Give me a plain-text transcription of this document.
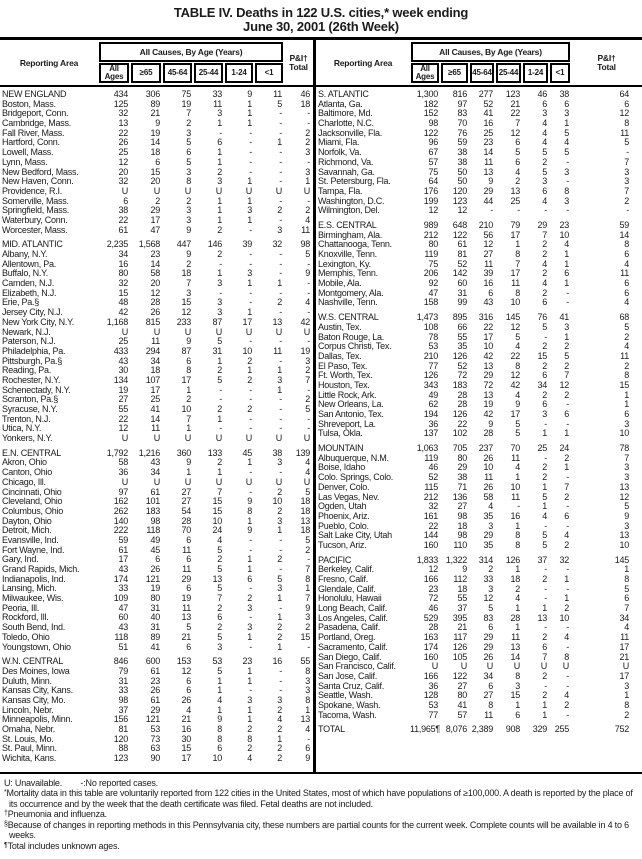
TABLE IV. Deaths in 122 U.S. cities,* week ending
June 30, 2001 (26th Week)
Reporting Area
All Causes, By Age (Years)
All Ages	≥65	45-64	25-44	1-24	<1
P&I†
Total
NEW ENGLAND	434	306	75	33	9	11	46
Boston, Mass.	125	89	19	11	1	5	18
Bridgeport, Conn.	32	21	7	3	1	-	-
Cambridge, Mass.	13	9	2	1	1	-	-
Fall River, Mass.	22	19	3	-	-	-	2
Hartford, Conn.	26	14	5	6	-	1	2
Lowell, Mass.	25	18	6	1	-	-	3
Lynn, Mass.	12	6	5	1	-	-	-
New Bedford, Mass.	20	15	3	2	-	-	3
New Haven, Conn.	32	20	8	3	1	-	1
Providence, R.I.	U	U	U	U	U	U	U
Somerville, Mass.	6	2	2	1	1	-	-
Springfield, Mass.	38	29	3	1	3	2	2
Waterbury, Conn.	22	17	3	1	1	-	4
Worcester, Mass.	61	47	9	2	-	3	11
MID. ATLANTIC	2,235	1,568	447	146	39	32	98
Albany, N.Y.	34	23	9	2	-	-	5
Allentown, Pa.	16	14	2	-	-	-	-
Buffalo, N.Y.	80	58	18	1	3	-	9
Camden, N.J.	32	20	7	3	1	1	-
Elizabeth, N.J.	15	12	3	-	-	-	-
Erie, Pa.§	48	28	15	3	-	2	4
Jersey City, N.J.	42	26	12	3	1	-	-
New York City, N.Y.	1,168	815	233	87	17	13	42
Newark, N.J.	U	U	U	U	U	U	U
Paterson, N.J.	25	11	9	5	-	-	-
Philadelphia, Pa.	433	294	87	31	10	11	19
Pittsburgh, Pa.§	43	34	6	1	2	-	3
Reading, Pa.	30	18	8	2	1	1	2
Rochester, N.Y.	134	107	17	5	2	3	7
Schenectady, N.Y.	19	17	1	-	-	1	-
Scranton, Pa.§	27	25	2	-	-	-	2
Syracuse, N.Y.	55	41	10	2	2	-	5
Trenton, N.J.	22	14	7	1	-	-	-
Utica, N.Y.	12	11	1	-	-	-	-
Yonkers, N.Y.	U	U	U	U	U	U	U
E.N. CENTRAL	1,792	1,216	360	133	45	38	139
Akron, Ohio	58	43	9	2	1	3	4
Canton, Ohio	36	34	1	1	-	-	4
Chicago, Ill.	U	U	U	U	U	U	U
Cincinnati, Ohio	97	61	27	7	-	2	5
Cleveland, Ohio	162	101	27	15	9	10	18
Columbus, Ohio	262	183	54	15	8	2	18
Dayton, Ohio	140	98	28	10	1	3	13
Detroit, Mich.	222	118	70	24	9	1	18
Evansville, Ind.	59	49	6	4	-	-	5
Fort Wayne, Ind.	61	45	11	5	-	-	2
Gary, Ind.	17	6	6	2	1	2	-
Grand Rapids, Mich.	43	26	11	5	1	-	7
Indianapolis, Ind.	174	121	29	13	6	5	8
Lansing, Mich.	33	19	6	5	-	3	1
Milwaukee, Wis.	109	80	19	7	2	1	7
Peoria, Ill.	47	31	11	2	3	-	9
Rockford, Ill.	60	40	13	6	-	1	3
South Bend, Ind.	43	31	5	2	3	2	2
Toledo, Ohio	118	89	21	5	1	2	15
Youngstown, Ohio	51	41	6	3	-	1	-
W.N. CENTRAL	846	600	153	53	23	16	55
Des Moines, Iowa	79	61	12	5	1	-	8
Duluth, Minn.	31	23	6	1	1	-	3
Kansas City, Kans.	33	26	6	1	-	-	3
Kansas City, Mo.	98	61	26	4	3	3	8
Lincoln, Nebr.	37	29	4	1	1	2	1
Minneapolis, Minn.	156	121	21	9	1	4	13
Omaha, Nebr.	81	53	16	8	2	2	4
St. Louis, Mo.	120	73	30	8	8	1	-
St. Paul, Minn.	88	63	15	6	2	2	6
Wichita, Kans.	123	90	17	10	4	2	9
Reporting Area
All Causes, By Age (Years)
All Ages	≥65	45-64 25-44	1-24	<1
P&I†
Total
S. ATLANTIC	1,300	816	277	123	46	38	64
Atlanta, Ga.	182	97	52	21	6	6	6
Baltimore, Md.	152	83	41	22	3	3	12
Charlotte, N.C.	98	70	16	7	4	1	8
Jacksonville, Fla.	122	76	25	12	4	5	11
Miami, Fla.	96	59	23	6	4	4	5
Norfolk, Va.	67	38	14	5	5	5	-
Richmond, Va.	57	38	11	6	2	-	7
Savannah, Ga.	75	50	13	4	5	3	3
St. Petersburg, Fla.	64	50	9	2	3	-	3
Tampa, Fla.	176	120	29	13	6	8	7
Washington, D.C.	199	123	44	25	4	3	2
Wilmington, Del.	12	12	-	-	-	-	-
E.S. CENTRAL	989	648	210	79	29	23	59
Birmingham, Ala.	212	122	56	17	7	10	14
Chattanooga, Tenn.	80	61	12	1	2	4	8
Knoxville, Tenn.	119	81	27	8	2	1	6
Lexington, Ky.	75	52	11	7	4	1	4
Memphis, Tenn.	206	142	39	17	2	6	11
Mobile, Ala.	92	60	16	11	4	1	6
Montgomery, Ala.	47	31	6	8	2	-	6
Nashville, Tenn.	158	99	43	10	6	-	4
W.S. CENTRAL	1,473	895	316	145	76	41	68
Austin, Tex.	108	66	22	12	5	3	5
Baton Rouge, La.	78	55	17	5	-	1	2
Corpus Christi, Tex.	53	35	10	4	2	2	4
Dallas, Tex.	210	126	42	22	15	5	11
El Paso, Tex.	77	52	13	8	2	2	2
Ft. Worth, Tex.	126	72	29	12	6	7	8
Houston, Tex.	343	183	72	42	34	12	15
Little Rock, Ark.	49	28	13	4	2	2	1
New Orleans, La.	62	28	19	9	6	-	1
San Antonio, Tex.	194	126	42	17	3	6	6
Shreveport, La.	36	22	9	5	-	-	3
Tulsa, Okla.	137	102	28	5	1	1	10
MOUNTAIN	1,063	705	237	70	25	24	78
Albuquerque, N.M.	119	80	26	11	-	2	7
Boise, Idaho	46	29	10	4	2	1	3
Colo. Springs, Colo.	52	38	11	1	2	-	3
Denver, Colo.	115	71	26	10	1	7	13
Las Vegas, Nev.	212	136	58	11	5	2	12
Ogden, Utah	32	27	4	-	1	-	5
Phoenix, Ariz.	161	98	35	16	4	6	9
Pueblo, Colo.	22	18	3	1	-	-	3
Salt Lake City, Utah	144	98	29	8	5	4	13
Tucson, Ariz.	160	110	35	8	5	2	10
PACIFIC	1,833 1,322	314	126	37	32	145
Berkeley, Calif.	12	9	2	1	-	-	1
Fresno, Calif.	166	112	33	18	2	1	8
Glendale, Calif.	23	18	3	2	-	-	5
Honolulu, Hawaii	72	55	12	4	-	1	6
Long Beach, Calif.	46	37	5	1	1	2	7
Los Angeles, Calif.	529	395	83	28	13	10	34
Pasadena, Calif.	28	21	6	1	-	-	4
Portland, Oreg.	163	117	29	11	2	4	11
Sacramento, Calif.	174	126	29	13	6	-	17
San Diego, Calif.	160	105	26	14	7	8	21
San Francisco, Calif.	U	U	U	U	U	U	U
San Jose, Calif.	166	122	34	8	2	-	17
Santa Cruz, Calif.	36	27	6	3	-	-	3
Seattle, Wash.	128	80	27	15	2	4	1
Spokane, Wash.	53	41	8	1	1	2	8
Tacoma, Wash.	77	57	11	6	1	-	2
TOTAL	11,965¶ 8,076 2,389	908	329 255	752
U: Unavailable.        -:No reported cases.
*Mortality data in this table are voluntarily reported from 122 cities in the United States, most of which have populations of ≥100,000. A death is reported by the place of its occurrence and by the week that the death certificate was filed. Fetal deaths are not included.
†Pneumonia and influenza.
§Because of changes in reporting methods in this Pennsylvania city, these numbers are partial counts for the current week. Complete counts will be available in 4 to 6 weeks.
¶Total includes unknown ages.
